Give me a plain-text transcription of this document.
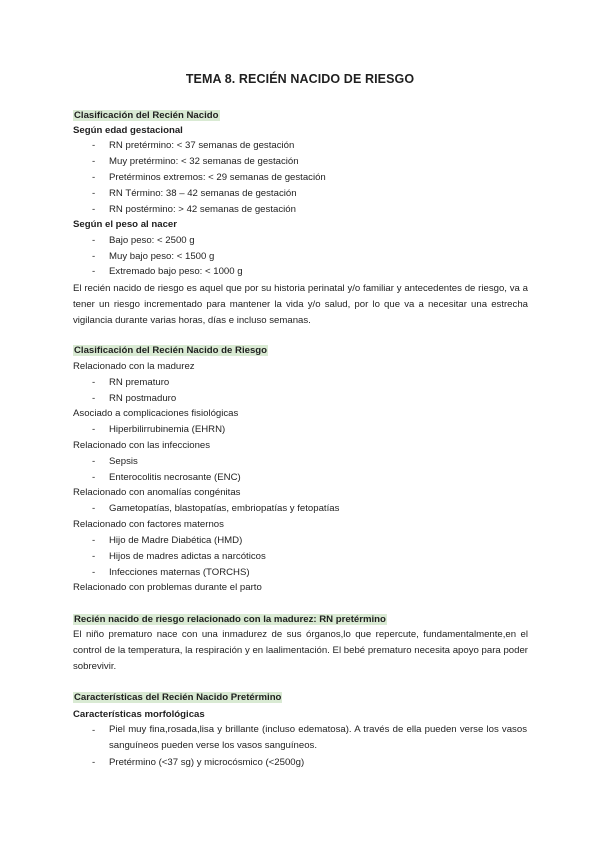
TEMA 8. RECIÉN NACIDO DE RIESGO
Clasificación del Recién Nacido
Según edad gestacional
- RN pretérmino: < 37 semanas de gestación
- Muy pretérmino: < 32 semanas de gestación
- Pretérminos extremos: < 29 semanas de gestación
- RN Término: 38 – 42 semanas de gestación
- RN postérmino: > 42 semanas de gestación
Según el peso al nacer
- Bajo peso: < 2500 g
- Muy bajo peso: < 1500 g
- Extremado bajo peso: < 1000 g
El recién nacido de riesgo es aquel que por su historia perinatal y/o familiar y antecedentes de riesgo, va a tener un riesgo incrementado para mantener la vida y/o salud, por lo que va a necesitar una estrecha vigilancia durante varias horas, días e incluso semanas.
Clasificación del Recién Nacido de Riesgo
Relacionado con la madurez
- RN prematuro
- RN postmaduro
Asociado a complicaciones fisiológicas
- Hiperbilirrubinemia (EHRN)
Relacionado con las infecciones
- Sepsis
- Enterocolitis necrosante (ENC)
Relacionado con anomalías congénitas
- Gametopatías, blastopatías, embriopatías y fetopatías
Relacionado con factores maternos
- Hijo de Madre Diabética (HMD)
- Hijos de madres adictas a narcóticos
- Infecciones maternas (TORCHS)
Relacionado con problemas durante el parto
Recién nacido de riesgo relacionado con la madurez: RN pretérmino
El niño prematuro nace con una inmadurez de sus órganos,lo que repercute, fundamentalmente,en el control de la temperatura, la respiración y en laalimentación. El bebé prematuro necesita apoyo para poder sobrevivir.
Características del Recién Nacido Pretérmino
Características morfológicas
- Piel muy fina,rosada,lisa y brillante (incluso edematosa). A través de ella pueden verse los vasos sanguíneos pueden verse los vasos sanguíneos.
- Pretérmino (<37 sg) y microcósmico (<2500g)
